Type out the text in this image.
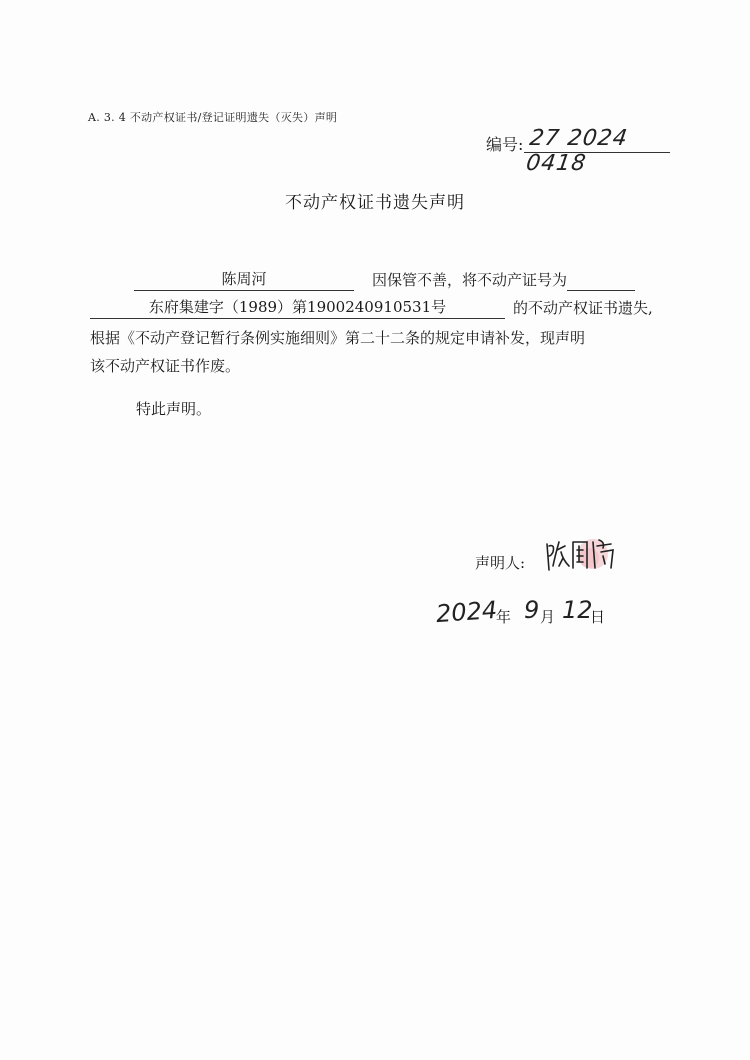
A. 3. 4 不动产权证书/登记证明遗失（灭失）声明
编号: 27 2024 0418
不动产权证书遗失声明
陈周河	因保管不善，将不动产证号为
东府集建字（1989）第1900240910531号	的不动产权证书遗失,
根据《不动产登记暂行条例实施细则》第二十二条的规定申请补发，现声明
该不动产权证书作废。
特此声明。
声明人:
2024
年 9 月 12
日
